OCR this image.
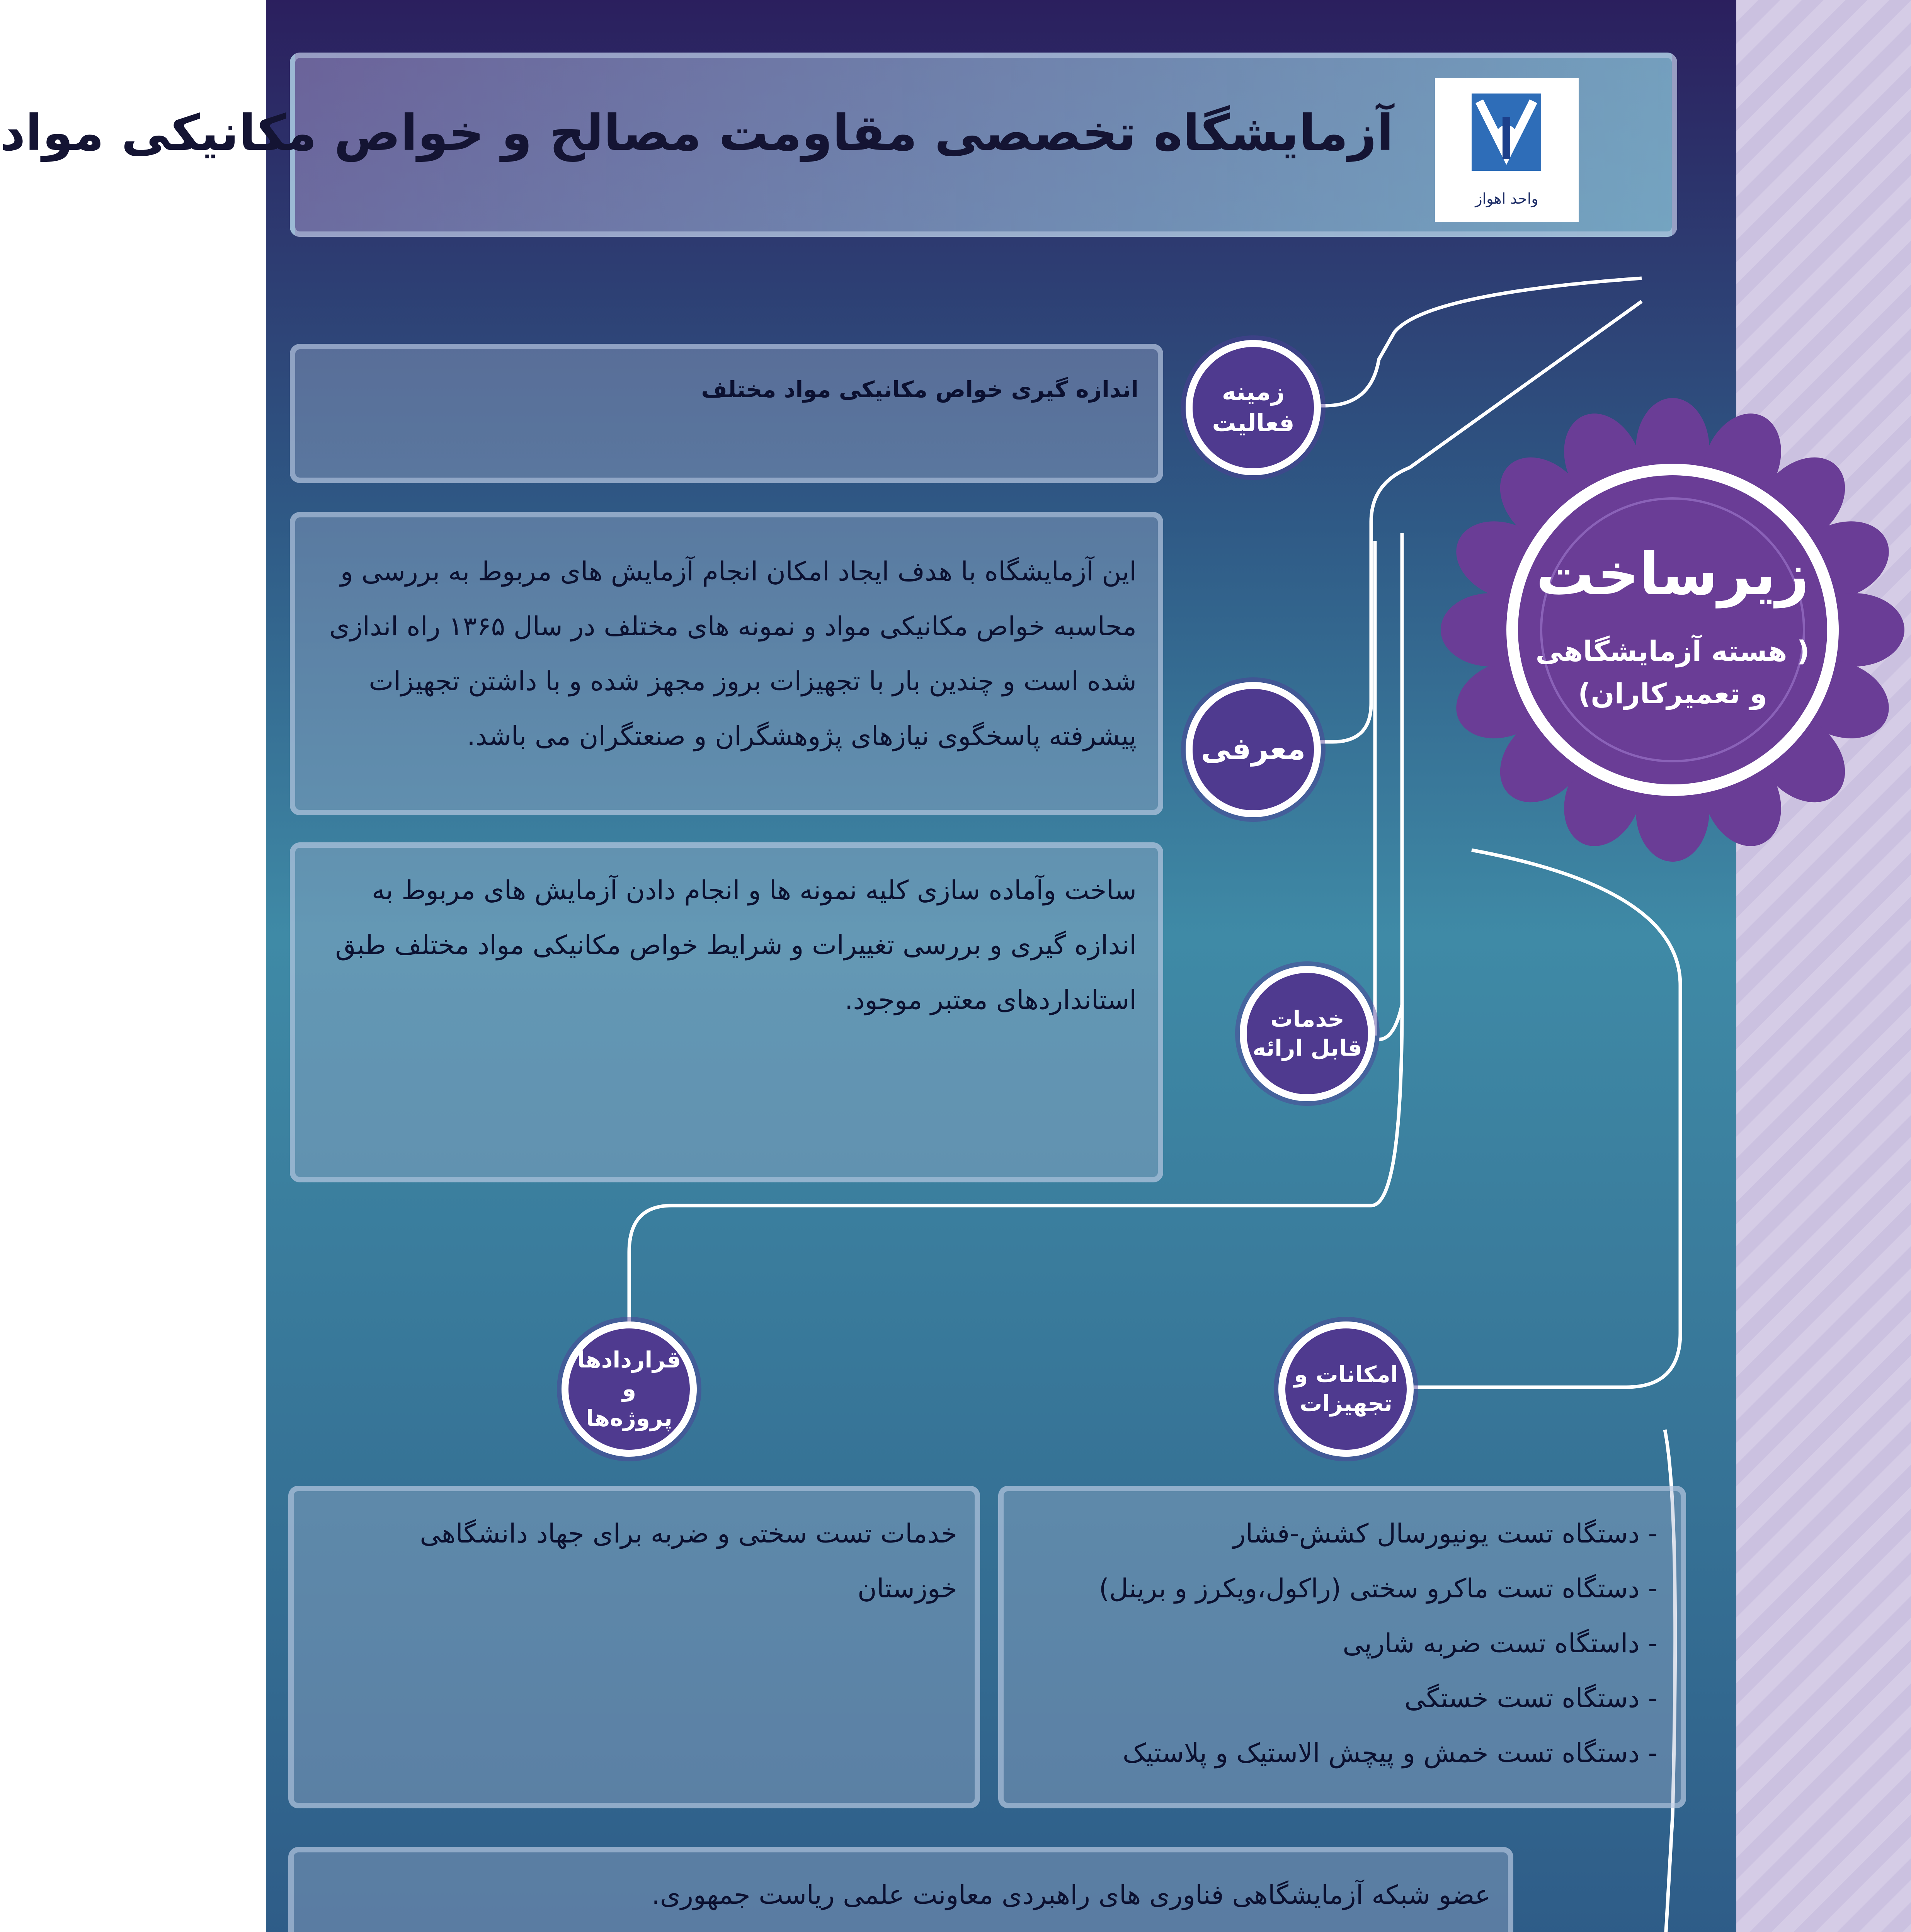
آزمایشگاه تخصصی مقاومت مصالح و خواص مکانیکی مواد
واحد اهواز
زیرساخت
( هسته آزمایشگاهی و تعمیرکاران)

اندازه گیری خواص مکانیکی مواد مختلف	زمینه
فعالیت

این آزمایشگاه با هدف ایجاد امکان انجام آزمایش های مربوط به بررسی و محاسبه خواص مکانیکی مواد و نمونه های مختلف در سال ۱۳۶۵ راه اندازی شده است و چندین بار با تجهیزات بروز مجهز شده و با داشتن تجهیزات پیشرفته پاسخگوی نیازهای پژوهشگران و صنعتگران می باشد. معرفی

ساخت وآماده سازی کلیه نمونه ها و انجام دادن آزمایش های مربوط به اندازه گیری و بررسی تغییرات و شرایط خواص مکانیکی مواد مختلف طبق استانداردهای معتبر موجود.

خدمات
قابل ارائه
قراردادها و
پروژه‌ها
امکانات و
تجهیزات

خدمات تست سختی و ضربه برای جهاد دانشگاهی خوزستان

- دستگاه تست یونیورسال کشش-فشار

- دستگاه تست ماکرو سختی (راکول،ویکرز و برینل)

- داستگاه تست ضربه شارپی

- دستگاه تست خستگی

- دستگاه تست خمش و پیچش الاستیک و پلاستیک

عضو شبکه آزمایشگاهی فناوری های راهبردی معاونت علمی ریاست جمهوری.
